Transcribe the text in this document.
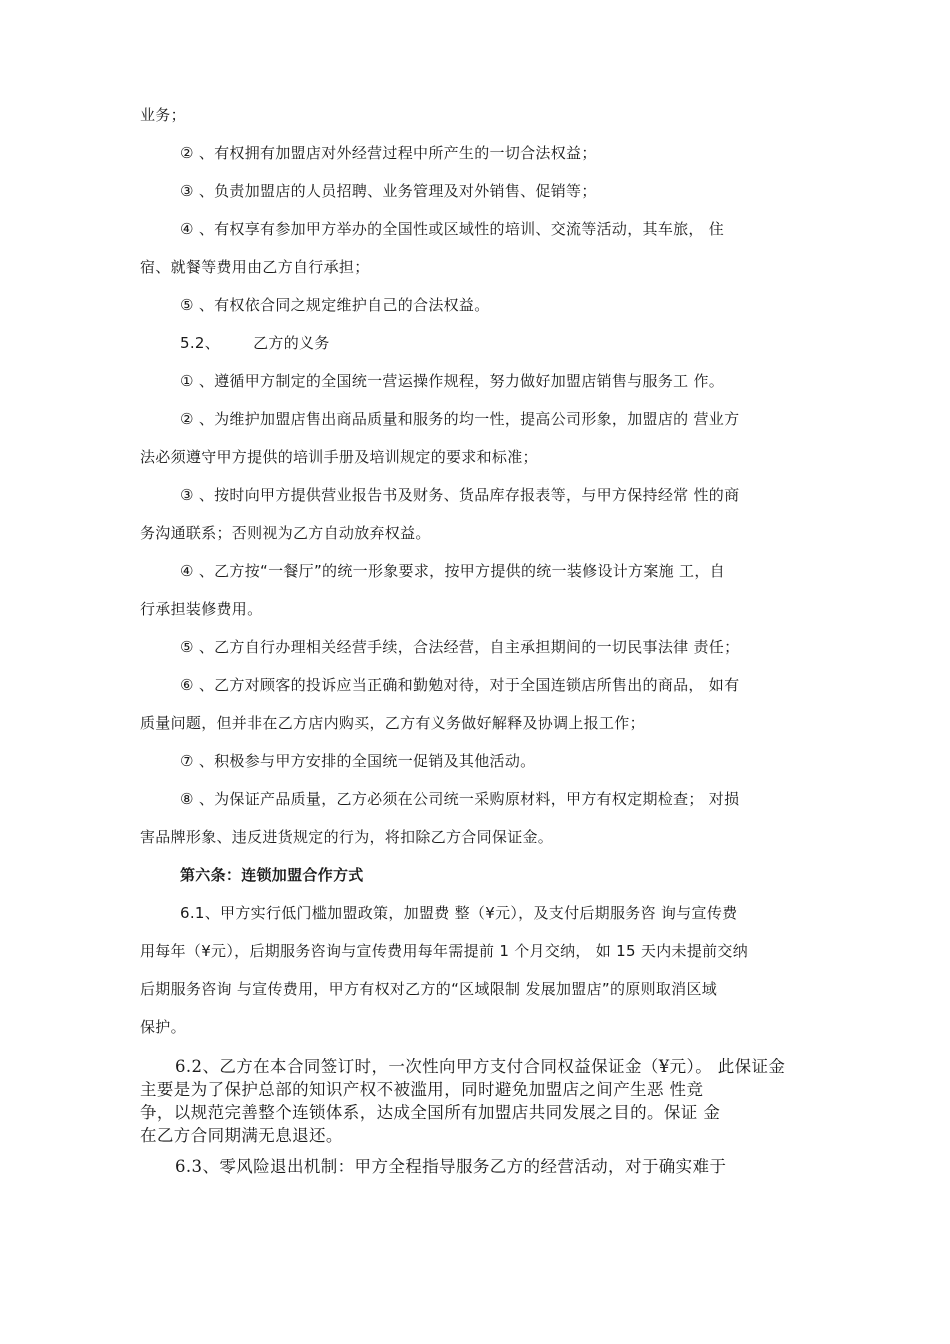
业务；
② 、有权拥有加盟店对外经营过程中所产生的一切合法权益；
③ 、负责加盟店的人员招聘、业务管理及对外销售、促销等；
④ 、有权享有参加甲方举办的全国性或区域性的培训、交流等活动，其车旅， 住
宿、就餐等费用由乙方自行承担；
⑤ 、有权依合同之规定维护自己的合法权益。
5.2、 乙方的义务
① 、遵循甲方制定的全国统一营运操作规程，努力做好加盟店销售与服务工 作。
② 、为维护加盟店售出商品质量和服务的均一性，提高公司形象，加盟店的 营业方
法必须遵守甲方提供的培训手册及培训规定的要求和标准；
③ 、按时向甲方提供营业报告书及财务、货品库存报表等，与甲方保持经常 性的商
务沟通联系；否则视为乙方自动放弃权益。
④ 、乙方按“一餐厅”的统一形象要求，按甲方提供的统一装修设计方案施 工，自
行承担装修费用。
⑤ 、乙方自行办理相关经营手续，合法经营，自主承担期间的一切民事法律 责任；
⑥ 、乙方对顾客的投诉应当正确和勤勉对待，对于全国连锁店所售出的商品， 如有
质量问题，但并非在乙方店内购买，乙方有义务做好解释及协调上报工作；
⑦ 、积极参与甲方安排的全国统一促销及其他活动。
⑧ 、为保证产品质量，乙方必须在公司统一采购原材料，甲方有权定期检查； 对损
害品牌形象、违反进货规定的行为，将扣除乙方合同保证金。
第六条：连锁加盟合作方式
6.1、甲方实行低门槛加盟政策，加盟费 整（¥元），及支付后期服务咨 询与宣传费
用每年（¥元），后期服务咨询与宣传费用每年需提前 1 个月交纳， 如 15 天内未提前交纳
后期服务咨询 与宣传费用，甲方有权对乙方的“区域限制 发展加盟店”的原则取消区域
保护。
6.2、乙方在本合同签订时，一次性向甲方支付合同权益保证金（¥元）。 此保证金
主要是为了保护总部的知识产权不被滥用，同时避免加盟店之间产生恶 性竞
争，以规范完善整个连锁体系，达成全国所有加盟店共同发展之目的。保证 金
在乙方合同期满无息退还。
6.3、零风险退出机制：甲方全程指导服务乙方的经营活动，对于确实难于
